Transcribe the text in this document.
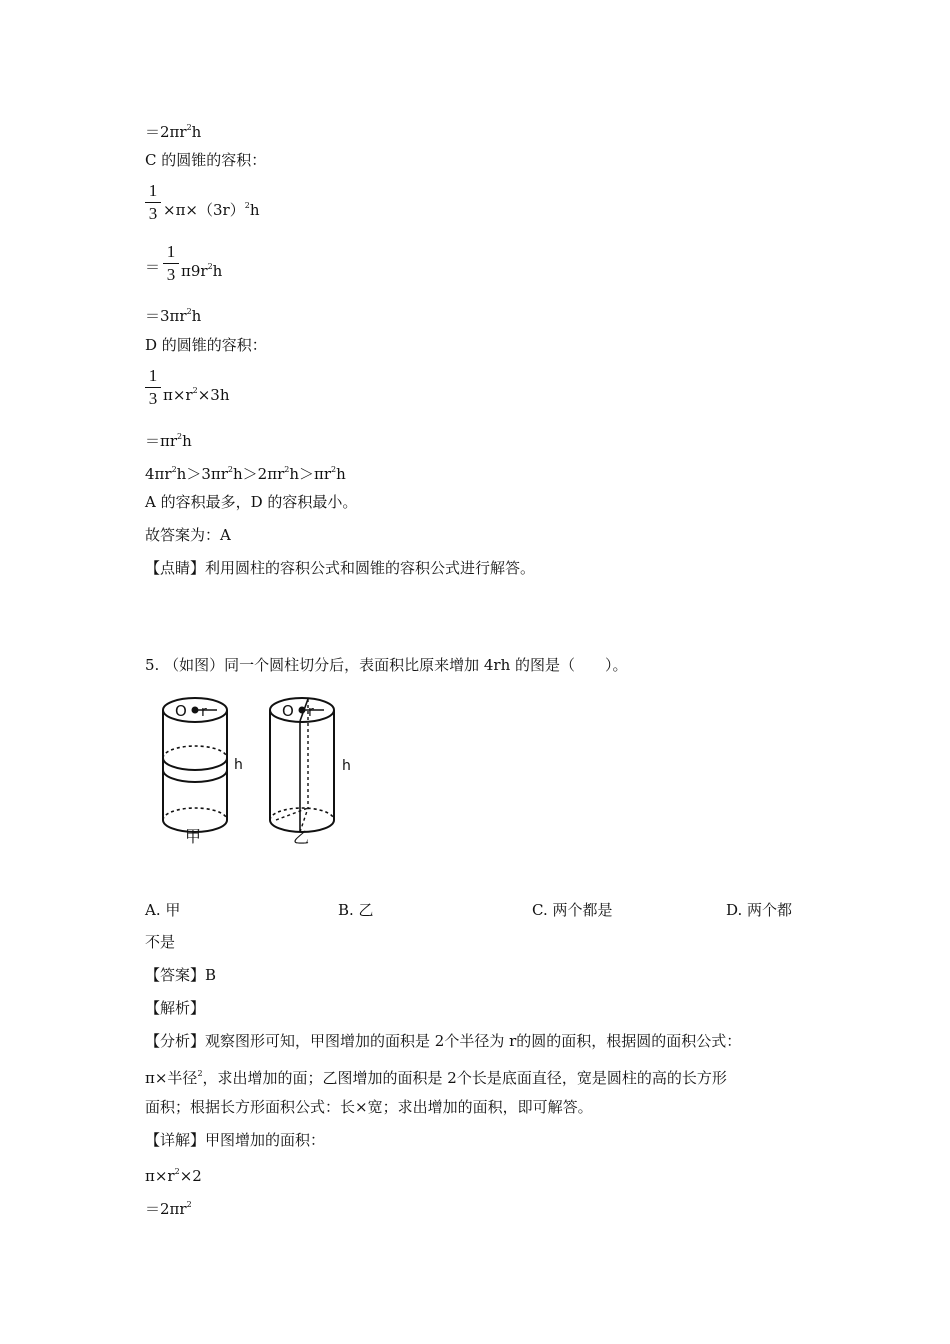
$=2\pi r^2h$
C 的圆锥的容积：
1
$3 \times\pi\times(3r)^2h$
＝
1
3 $\pi 9r^2h$
$=3\pi r^2h$
D 的圆锥的容积：
1
3 $\pi\times r^2\times 3h$
$=\pi r^2h$
$4\pi r^2h>3\pi r^2h>2\pi r^2h>\pi r^2h$
A 的容积最多，D 的容积最小。
故答案为：A
【点睛】利用圆柱的容积公式和圆锥的容积公式进行解答。
5. （如图）同一个圆柱切分后，表面积比原来增加 4rh 的图是（　　）。
O r
h
甲
O r
h
乙
A. 甲	B. 乙	C. 两个都是	D. 两个都
不是
【答案】B
【解析】
【分析】观察图形可知，甲图增加的面积是 2个半径为 r的圆的面积，根据圆的面积公式：
π×半径$^2$，求出增加的面；乙图增加的面积是 2个长是底面直径，宽是圆柱的高的长方形
面积；根据长方形面积公式：长×宽；求出增加的面积，即可解答。
【详解】甲图增加的面积：
$\pi\times r^2\times 2$
$=2\pi r^2$
